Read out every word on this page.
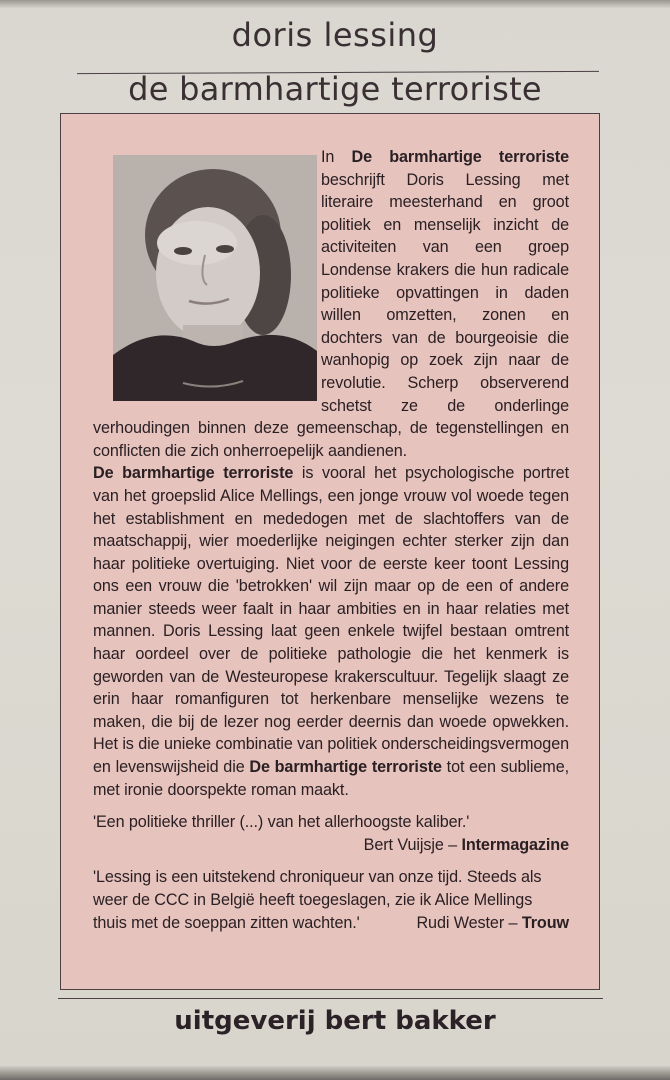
doris lessing
de barmhartige terroriste

In De barmhartige terroriste beschrijft Doris Lessing met literaire meesterhand en groot politiek en menselijk inzicht de activiteiten van een groep Londense krakers die hun radicale politieke opvattingen in daden willen omzetten, zonen en dochters van de bourgeoisie die wanhopig op zoek zijn naar de revolutie. Scherp observerend schetst ze de onderlinge verhoudingen binnen deze gemeenschap, de tegenstellingen en conflicten die zich onherroepelijk aandienen.

De barmhartige terroriste is vooral het psychologische portret van het groepslid Alice Mellings, een jonge vrouw vol woede tegen het establishment en mededogen met de slachtoffers van de maatschappij, wier moederlijke neigingen echter sterker zijn dan haar politieke overtuiging. Niet voor de eerste keer toont Lessing ons een vrouw die 'betrokken' wil zijn maar op de een of andere manier steeds weer faalt in haar ambities en in haar relaties met mannen. Doris Lessing laat geen enkele twijfel bestaan omtrent haar oordeel over de politieke pathologie die het kenmerk is geworden van de Westeuropese krakerscultuur. Tegelijk slaagt ze erin haar romanfiguren tot herkenbare menselijke wezens te maken, die bij de lezer nog eerder deernis dan woede opwekken. Het is die unieke combinatie van politiek onderscheidingsvermogen en levenswijsheid die De barmhartige terroriste tot een sublieme, met ironie doorspekte roman maakt.

'Een politieke thriller (...) van het allerhoogste kaliber.'

Bert Vuijsje – Intermagazine

'Lessing is een uitstekend chroniqueur van onze tijd. Steeds als weer de CCC in België heeft toegeslagen, zie ik Alice Mellings thuis met de soeppan zitten wachten.'	Rudi Wester – Trouw

uitgeverij bert bakker
